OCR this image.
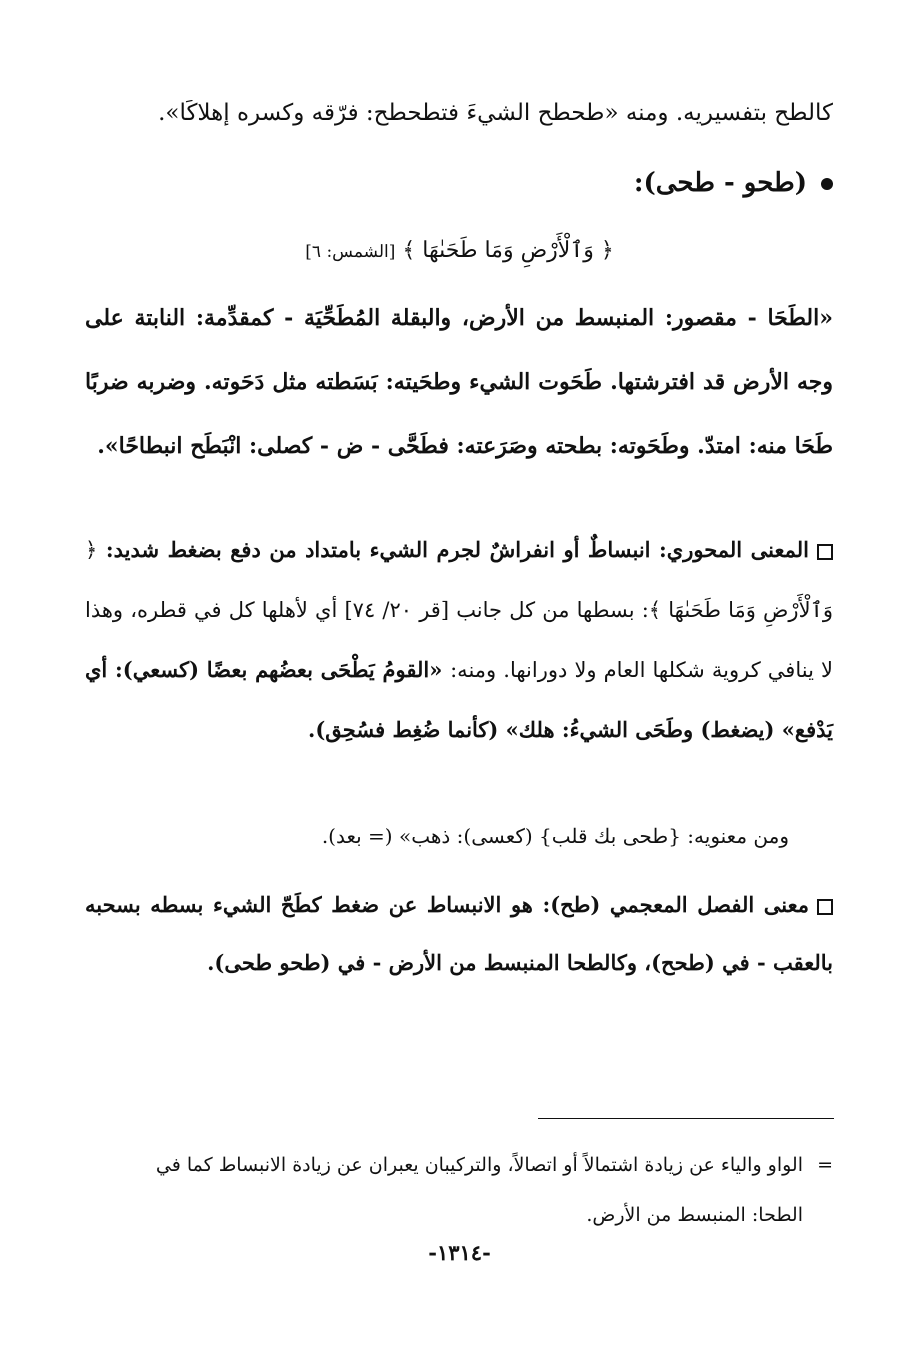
كالطح بتفسيريه. ومنه «طحطح الشيءَ فتطحطح: فرّقه وكسره إهلاكًا».
(طحو - طحى):
﴿ وَٱلْأَرْضِ وَمَا طَحَىٰهَا ﴾ [الشمس: ٦]
«الطَحَا - مقصور: المنبسط من الأرض، والبقلة المُطَحِّيَة - كمقدِّمة: النابتة على وجه الأرض قد افترشتها. طَحَوت الشيء وطحَيته: بَسَطته مثل دَحَوته. وضربه ضربًا طَحَا منه: امتدّ. وطَحَوته: بطحته وصَرَعته: فطَحَّى - ض - كصلى: انْبَطَح انبطاحًا».
المعنى المحوري: انبساطٌ أو انفراشٌ لجرم الشيء بامتداد من دفع بضغط شديد: ﴿ وَٱلْأَرْضِ وَمَا طَحَىٰهَا ﴾: بسطها من كل جانب [قر ٢٠/ ٧٤] أي لأهلها كل في قطره، وهذا لا ينافي كروية شكلها العام ولا دورانها. ومنه: «القومُ يَطْحَى بعضُهم بعضًا (كسعي): أي يَدْفع» (يضغط) وطَحَى الشيءُ: هلك» (كأنما ضُغِط فسُحِق).
ومن معنويه: {طحى بك قلب} (كعسى): ذهب» (= بعد).
معنى الفصل المعجمي (طح): هو الانبساط عن ضغط كطَحّ الشيء بسطه بسحبه بالعقب - في (طحح)، وكالطحا المنبسط من الأرض - في (طحو طحى).
=الواو والياء عن زيادة اشتمالاً أو اتصالاً، والتركيبان يعبران عن زيادة الانبساط كما في
الطحا: المنبسط من الأرض.
-١٣١٤-
